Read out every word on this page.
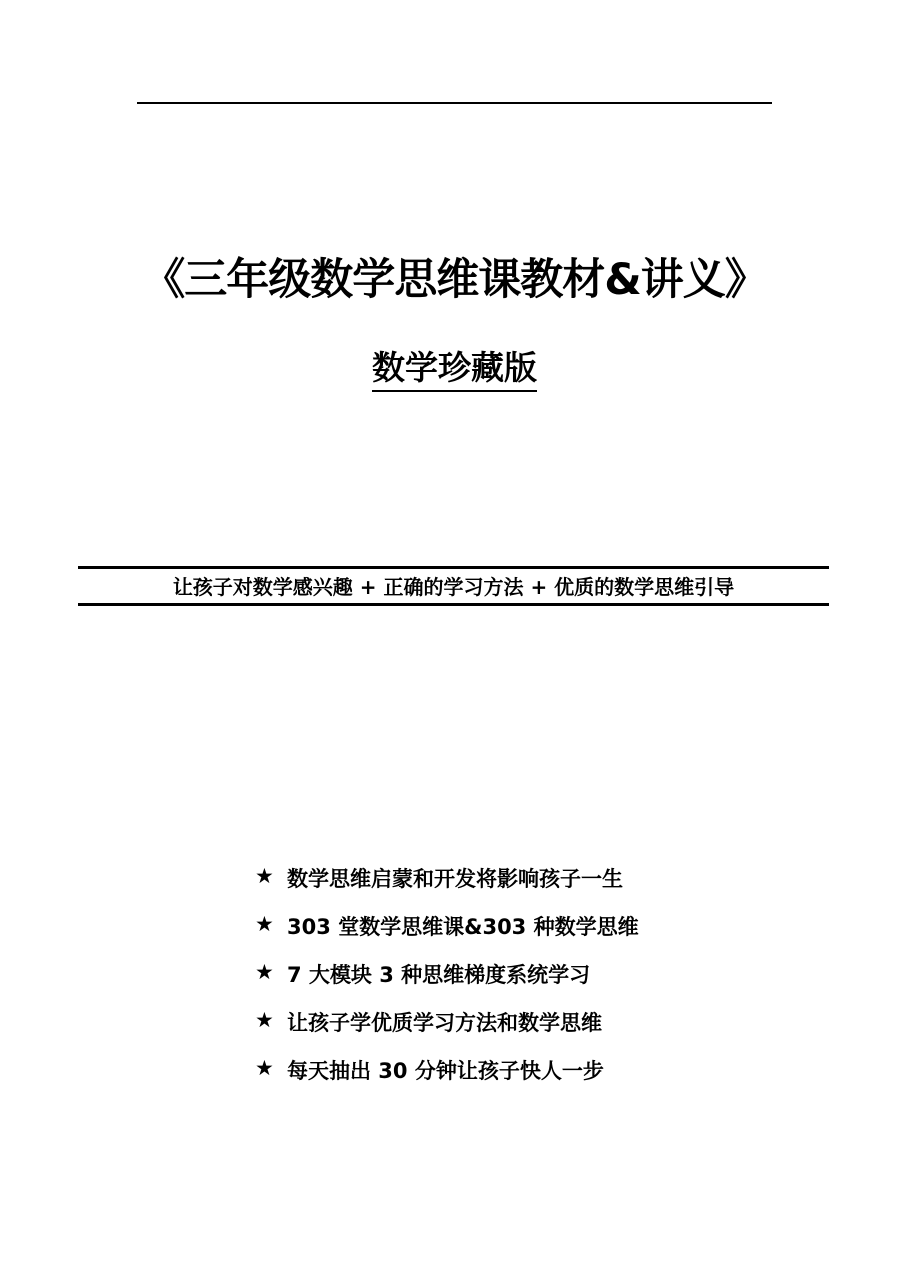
《三年级数学思维课教材&讲义》
数学珍藏版
让孩子对数学感兴趣 + 正确的学习方法 + 优质的数学思维引导
★ 数学思维启蒙和开发将影响孩子一生
★ 303 堂数学思维课&303 种数学思维
★ 7 大模块 3 种思维梯度系统学习
★ 让孩子学优质学习方法和数学思维
★ 每天抽出 30 分钟让孩子快人一步
